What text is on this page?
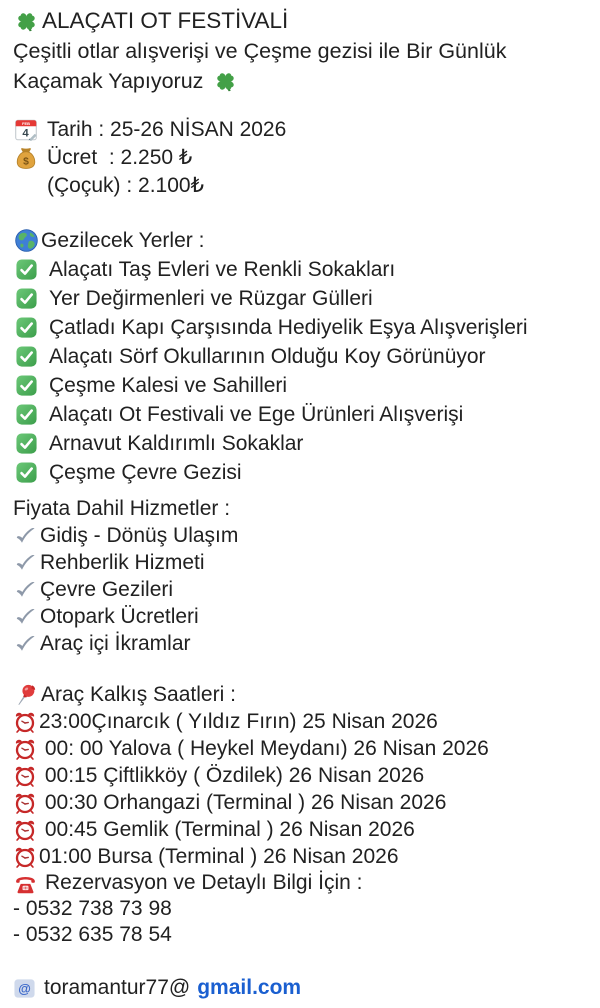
ALAÇATI OT FESTİVALİ
Çeşitli otlar alışverişi ve Çeşme gezisi ile Bir Günlük
Kaçamak Yapıyoruz
Tarih : 25-26 NİSAN 2026
Ücret  : 2.250 ₺
(Çoçuk) : 2.100₺
Gezilecek Yerler :
Alaçatı Taş Evleri ve Renkli Sokakları
Yer Değirmenleri ve Rüzgar Gülleri
Çatladı Kapı Çarşısında Hediyelik Eşya Alışverişleri
Alaçatı Sörf Okullarının Olduğu Koy Görünüyor
Çeşme Kalesi ve Sahilleri
Alaçatı Ot Festivali ve Ege Ürünleri Alışverişi
Arnavut Kaldırımlı Sokaklar
Çeşme Çevre Gezisi
Fiyata Dahil Hizmetler :
Gidiş - Dönüş Ulaşım
Rehberlik Hizmeti
Çevre Gezileri
Otopark Ücretleri
Araç içi İkramlar
Araç Kalkış Saatleri :
23:00Çınarcık ( Yıldız Fırın) 25 Nisan 2026
00: 00 Yalova ( Heykel Meydanı) 26 Nisan 2026
00:15 Çiftlikköy ( Özdilek) 26 Nisan 2026
00:30 Orhangazi (Terminal ) 26 Nisan 2026
00:45 Gemlik (Terminal ) 26 Nisan 2026
01:00 Bursa (Terminal ) 26 Nisan 2026
Rezervasyon ve Detaylı Bilgi İçin :
- 0532 738 73 98
- 0532 635 78 54
toramantur77@ gmail.com
